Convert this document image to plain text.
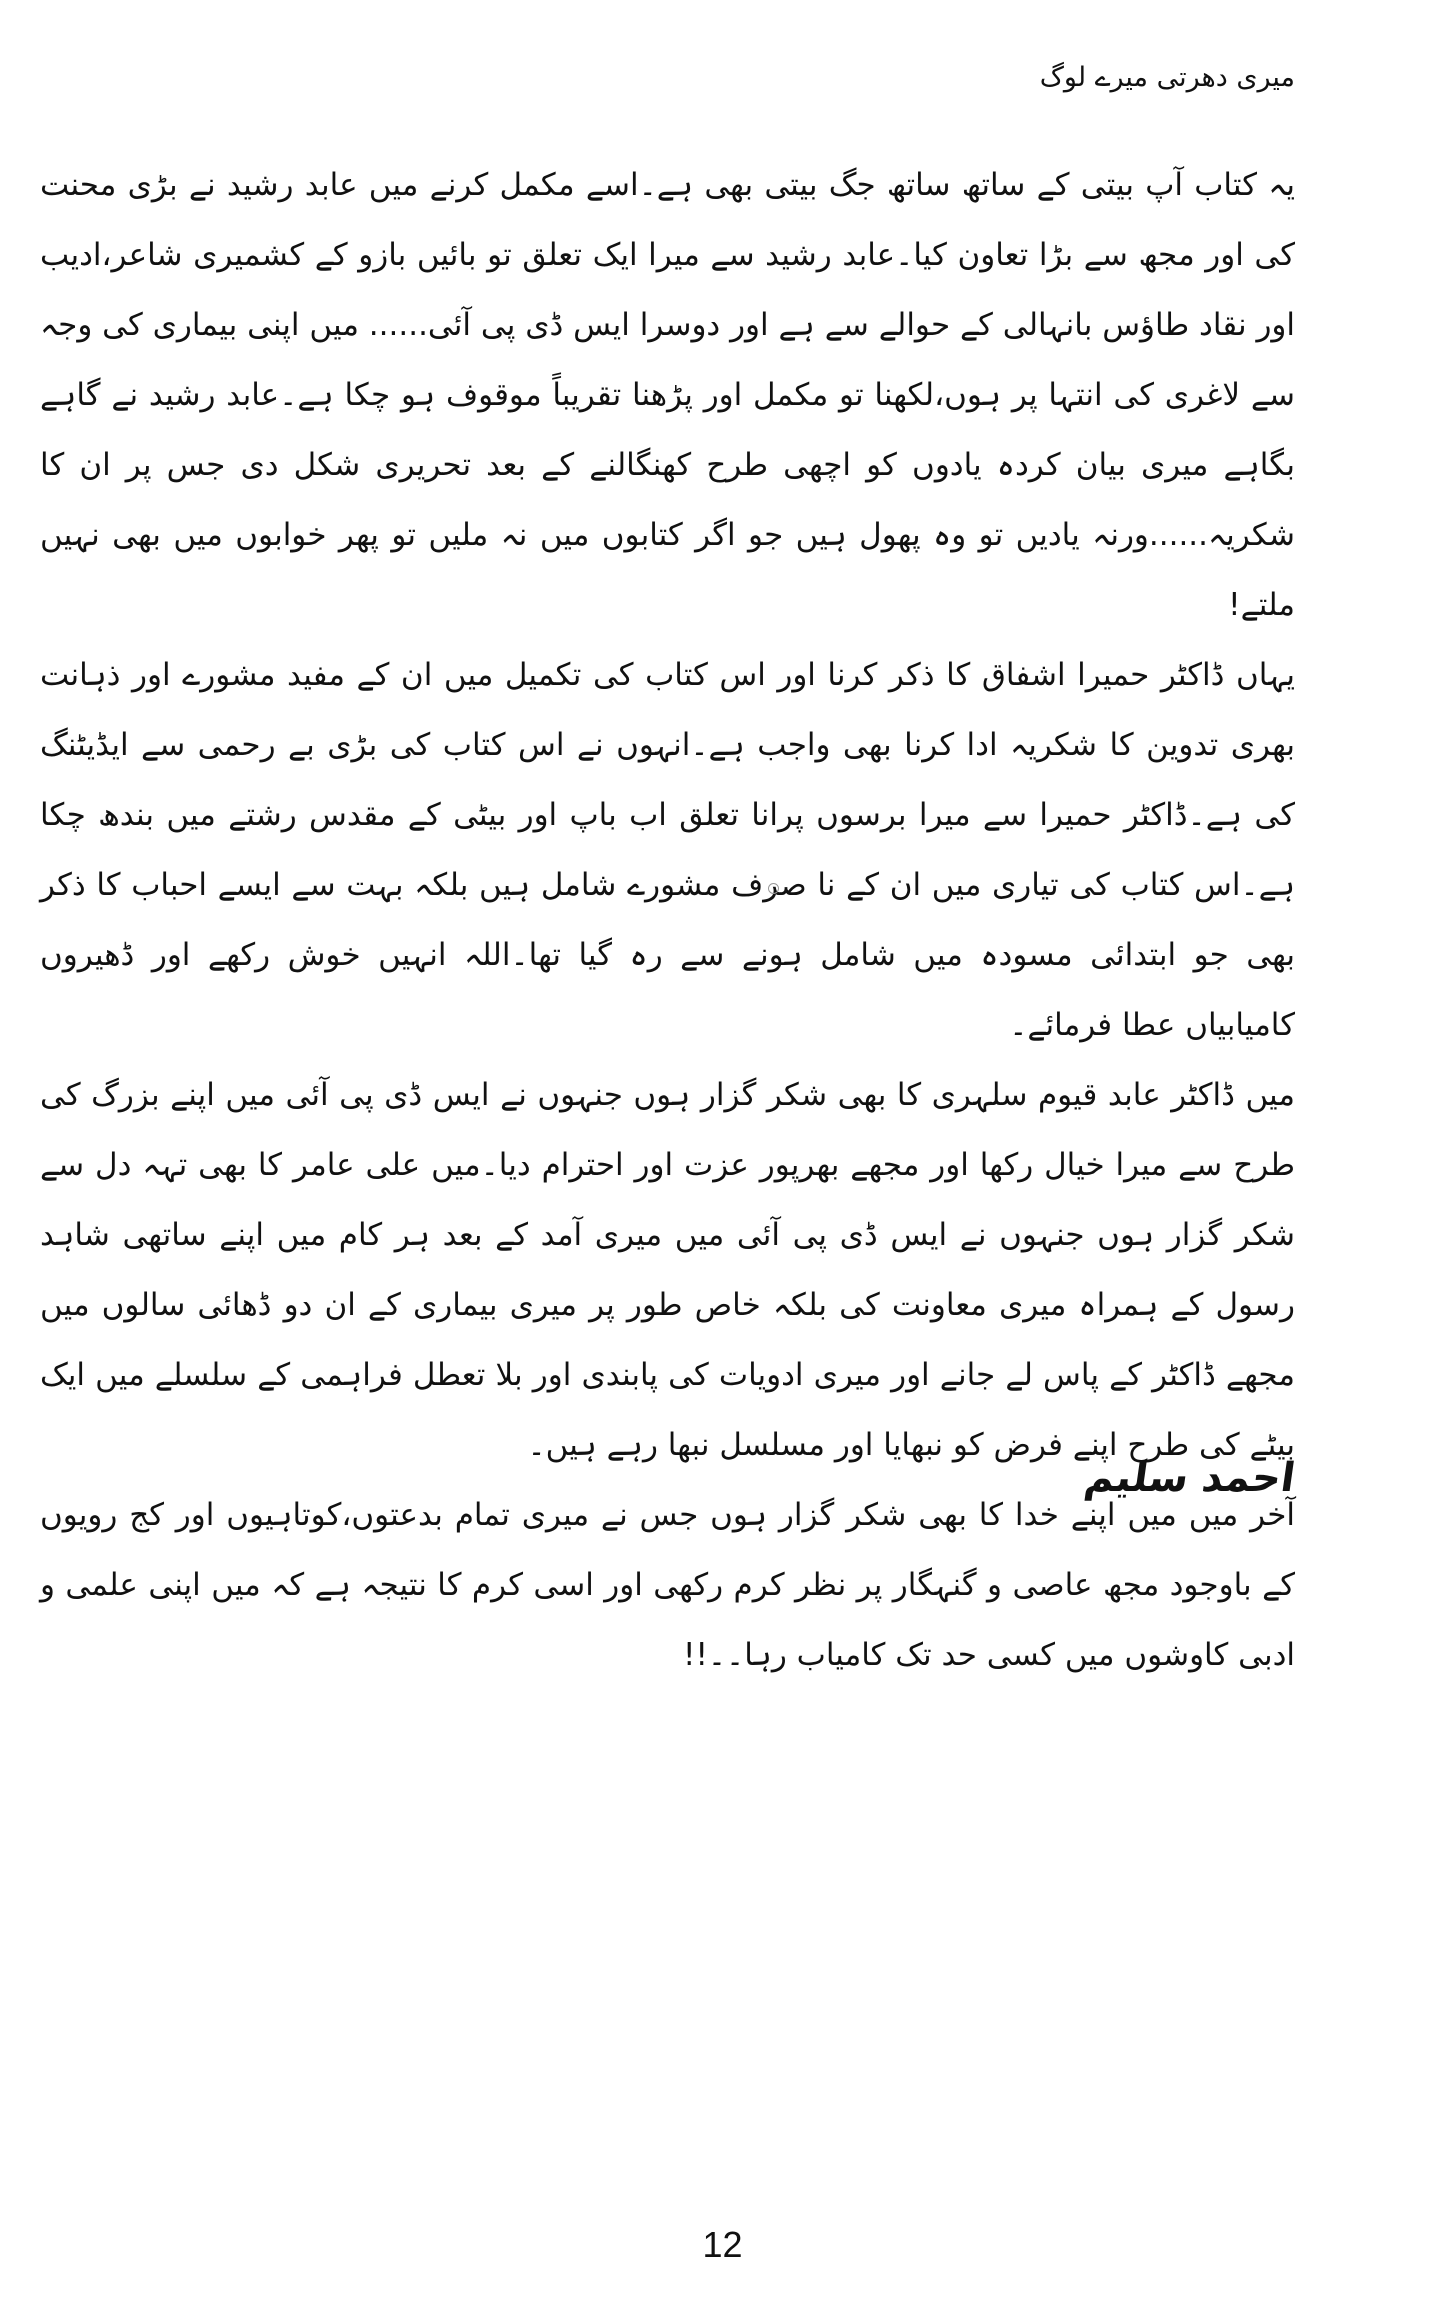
میری دھرتی میرے لوگ

یہ کتاب آپ بیتی کے ساتھ ساتھ جگ بیتی بھی ہے۔اسے مکمل کرنے میں عابد رشید نے بڑی محنت کی اور مجھ سے بڑا تعاون کیا۔عابد رشید سے میرا ایک تعلق تو بائیں بازو کے کشمیری شاعر،ادیب اور نقاد طاؤس بانہالی کے حوالے سے ہے اور دوسرا ایس ڈی پی آئی...... میں اپنی بیماری کی وجہ سے لاغری کی انتہا پر ہوں،لکھنا تو مکمل اور پڑھنا تقریباً موقوف ہو چکا ہے۔عابد رشید نے گاہے بگاہے میری بیان کردہ یادوں کو اچھی طرح کھنگالنے کے بعد تحریری شکل دی جس پر ان کا شکریہ......ورنہ یادیں تو وہ پھول ہیں جو اگر کتابوں میں نہ ملیں تو پھر خوابوں میں بھی نہیں ملتے!

یہاں ڈاکٹر حمیرا اشفاق کا ذکر کرنا اور اس کتاب کی تکمیل میں ان کے مفید مشورے اور ذہانت بھری تدوین کا شکریہ ادا کرنا بھی واجب ہے۔انہوں نے اس کتاب کی بڑی بے رحمی سے ایڈیٹنگ کی ہے۔ڈاکٹر حمیرا سے میرا برسوں پرانا تعلق اب باپ اور بیٹی کے مقدس رشتے میں بندھ چکا ہے۔اس کتاب کی تیاری میں ان کے نا صرف مشورے شامل ہیں بلکہ بہت سے ایسے احباب کا ذکر بھی جو ابتدائی مسودہ میں شامل ہونے سے رہ گیا تھا۔اللہ انہیں خوش رکھے اور ڈھیروں کامیابیاں عطا فرمائے۔

میں ڈاکٹر عابد قیوم سلہری کا بھی شکر گزار ہوں جنہوں نے ایس ڈی پی آئی میں اپنے بزرگ کی طرح سے میرا خیال رکھا اور مجھے بھرپور عزت اور احترام دیا۔میں علی عامر کا بھی تہہ دل سے شکر گزار ہوں جنہوں نے ایس ڈی پی آئی میں میری آمد کے بعد ہر کام میں اپنے ساتھی شاہد رسول کے ہمراہ میری معاونت کی بلکہ خاص طور پر میری بیماری کے ان دو ڈھائی سالوں میں مجھے ڈاکٹر کے پاس لے جانے اور میری ادویات کی پابندی اور بلا تعطل فراہمی کے سلسلے میں ایک بیٹے کی طرح اپنے فرض کو نبھایا اور مسلسل نبھا رہے ہیں۔

آخر میں میں اپنے خدا کا بھی شکر گزار ہوں جس نے میری تمام بدعتوں،کوتاہیوں اور کج رویوں کے باوجود مجھ عاصی و گنہگار پر نظر کرم رکھی اور اسی کرم کا نتیجہ ہے کہ میں اپنی علمی و ادبی کاوشوں میں کسی حد تک کامیاب رہا۔۔!!

احمد سلیم
12
